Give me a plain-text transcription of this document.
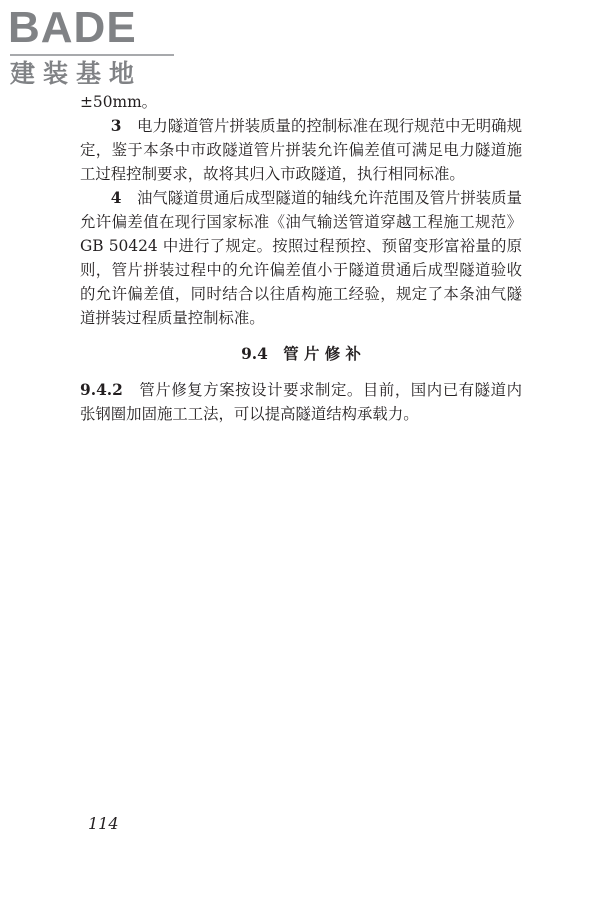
BADE
建装基地

±50mm。

3　 电力隧道管片拼装质量的控制标准在现行规范中无明确规定，鉴于本条中市政隧道管片拼装允许偏差值可满足电力隧道施工过程控制要求，故将其归入市政隧道，执行相同标准。

4　 油气隧道贯通后成型隧道的轴线允许范围及管片拼装质量允许偏差值在现行国家标准《油气输送管道穿越工程施工规范》GB 50424 中进行了规定。按照过程预控、预留变形富裕量的原则，管片拼装过程中的允许偏差值小于隧道贯通后成型隧道验收的允许偏差值，同时结合以往盾构施工经验，规定了本条油气隧道拼装过程质量控制标准。

9.4　 管 片 修 补

9.4.2　 管片修复方案按设计要求制定。目前，国内已有隧道内张钢圈加固施工工法，可以提高隧道结构承载力。

114
